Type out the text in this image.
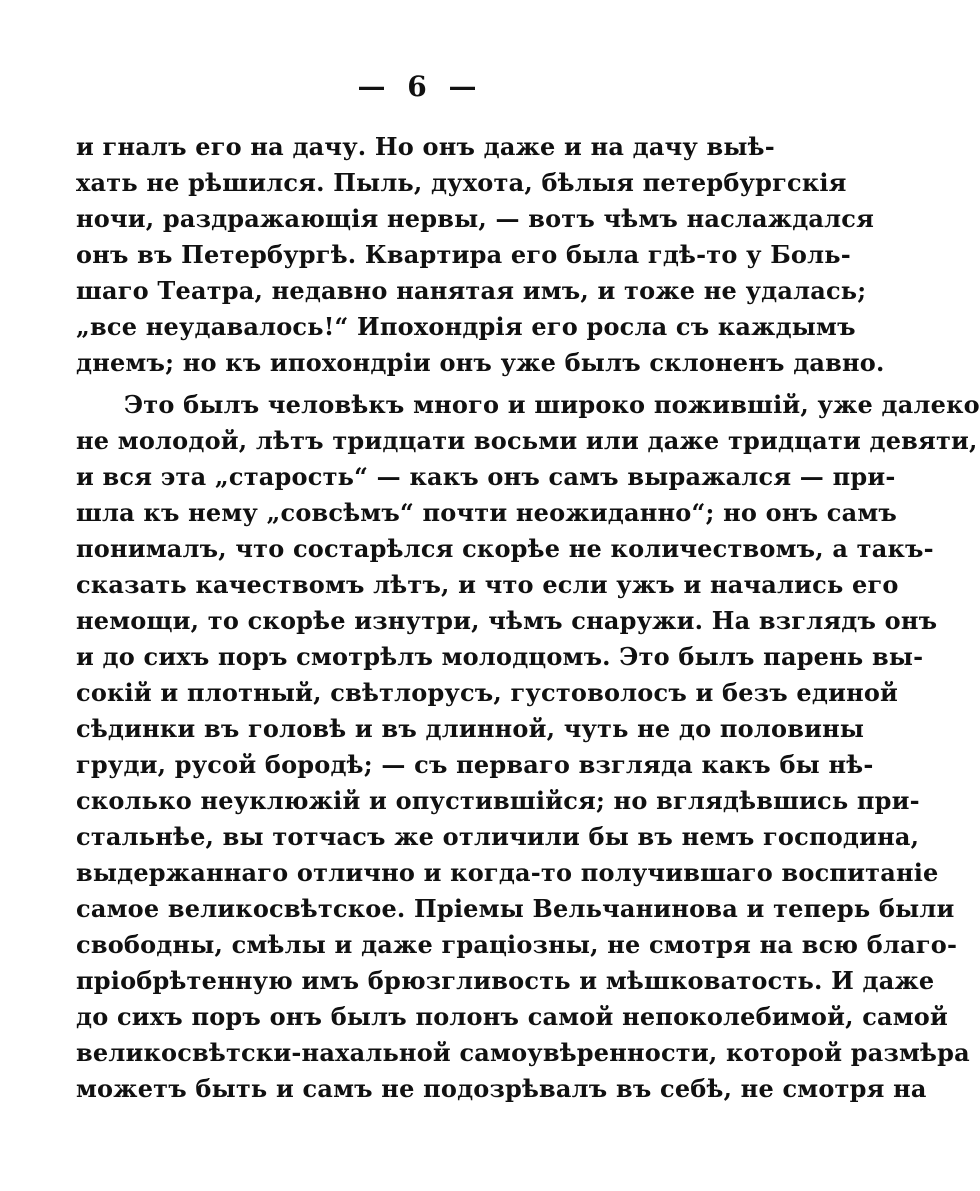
— 6 —
и гналъ его на дачу. Но онъ даже и на дачу выѣ-
хать не рѣшился. Пыль, духота, бѣлыя петербургскія
ночи, раздражающія нервы, — вотъ чѣмъ наслаждался
онъ въ Петербургѣ. Квартира его была гдѣ-то у Боль-
шаго Театра, недавно нанятая имъ, и тоже не удалась;
„все неудавалось!“ Ипохондрія его росла съ каждымъ
днемъ; но къ ипохондріи онъ уже былъ склоненъ давно.
Это былъ человѣкъ много и широко пожившій, уже далеко
не молодой, лѣтъ тридцати восьми или даже тридцати девяти,
и вся эта „старость“ — какъ онъ самъ выражался — при-
шла къ нему „совсѣмъ“ почти неожиданно“; но онъ самъ
понималъ, что состарѣлся скорѣе не количествомъ, а такъ-
сказать качествомъ лѣтъ, и что если ужъ и начались его
немощи, то скорѣе изнутри, чѣмъ снаружи. На взглядъ онъ
и до сихъ поръ смотрѣлъ молодцомъ. Это былъ парень вы-
сокій и плотный, свѣтлорусъ, густоволосъ и безъ единой
сѣдинки въ головѣ и въ длинной, чуть не до половины
груди, русой бородѣ; — съ перваго взгляда какъ бы нѣ-
сколько неуклюжій и опустившійся; но вглядѣвшись при-
стальнѣе, вы тотчасъ же отличили бы въ немъ господина,
выдержаннаго отлично и когда-то получившаго воспитаніе
самое великосвѣтское. Пріемы Вельчанинова и теперь были
свободны, смѣлы и даже граціозны, не смотря на всю благо-
пріобрѣтенную имъ брюзгливость и мѣшковатость. И даже
до сихъ поръ онъ былъ полонъ самой непоколебимой, самой
великосвѣтски-нахальной самоувѣренности, которой размѣра
можетъ быть и самъ не подозрѣвалъ въ себѣ, не смотря на
